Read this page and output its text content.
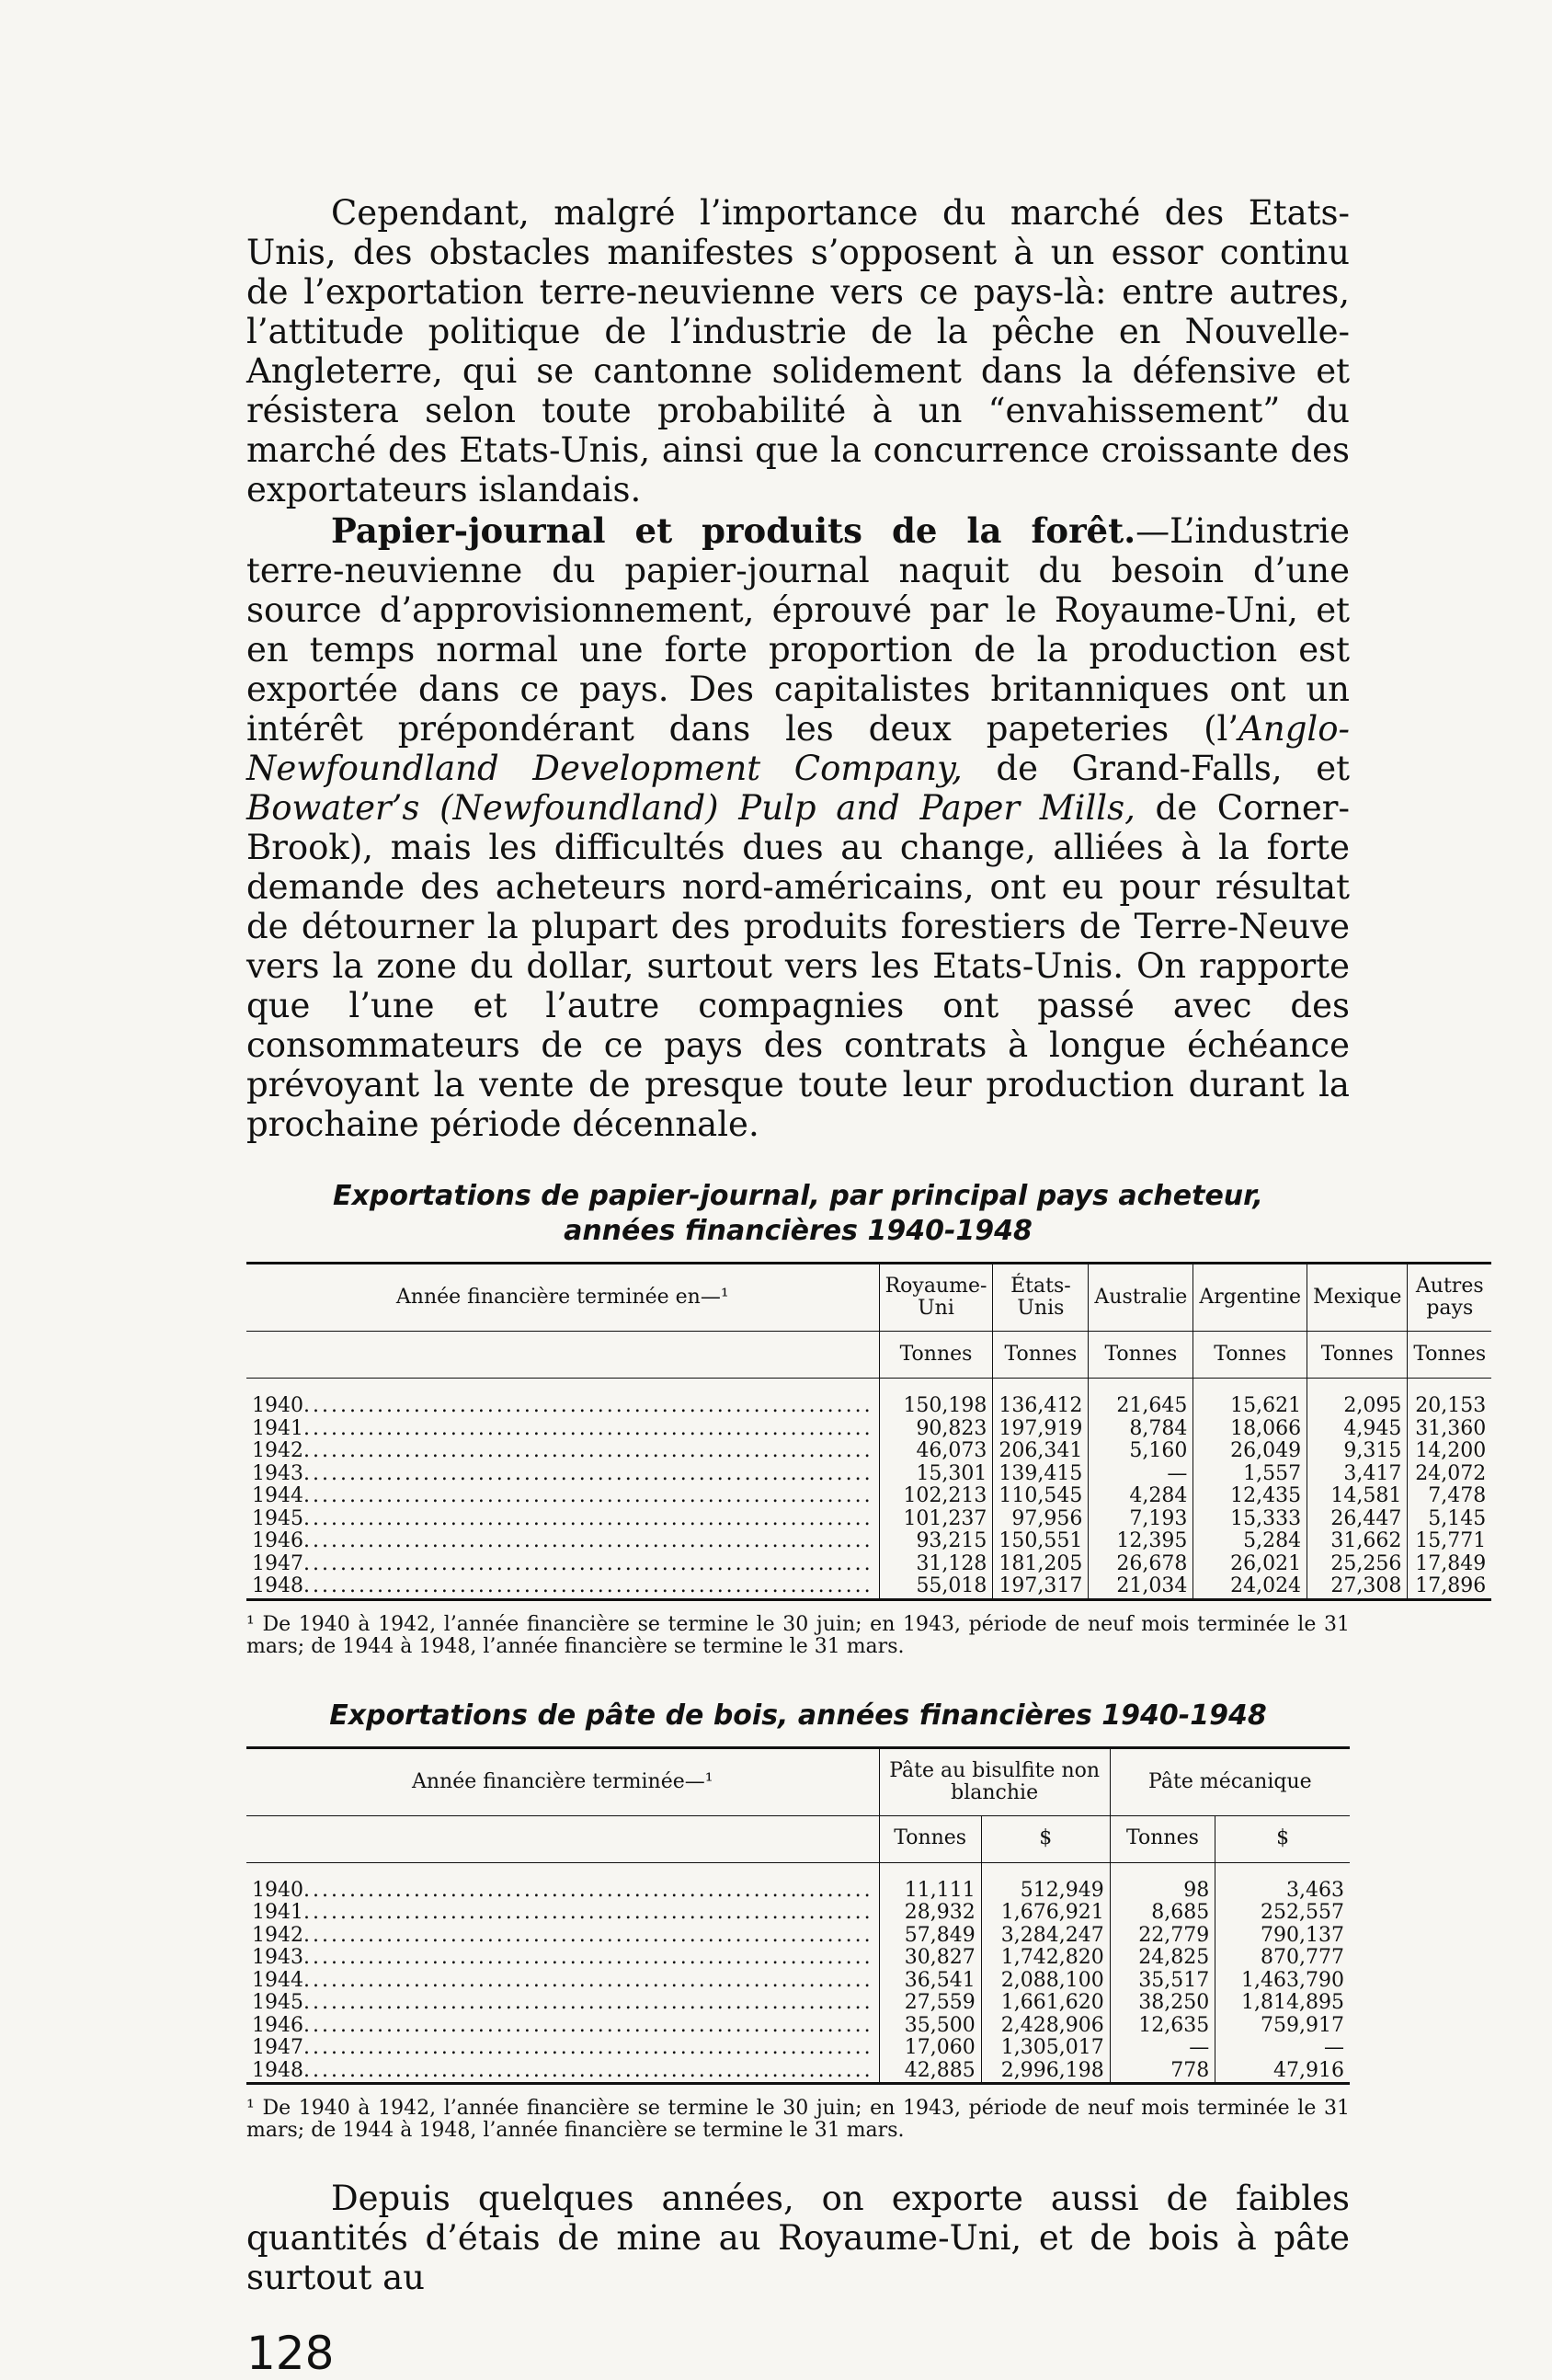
Cependant, malgré l’importance du marché des Etats-Unis, des obstacles manifestes s’opposent à un essor continu de l’exportation terre-neuvienne vers ce pays-là: entre autres, l’attitude politique de l’industrie de la pêche en Nouvelle-Angleterre, qui se cantonne solidement dans la défensive et résistera selon toute probabilité à un “envahissement” du marché des Etats-Unis, ainsi que la concurrence croissante des exportateurs islandais.

Papier-journal et produits de la forêt.—L’industrie terre-neuvienne du papier-journal naquit du besoin d’une source d’approvisionnement, éprouvé par le Royaume-Uni, et en temps normal une forte proportion de la production est exportée dans ce pays. Des capitalistes britanniques ont un intérêt prépondérant dans les deux papeteries (l’Anglo-Newfoundland Development Company, de Grand-Falls, et Bowater’s (Newfoundland) Pulp and Paper Mills, de Corner-Brook), mais les difficultés dues au change, alliées à la forte demande des acheteurs nord-américains, ont eu pour résultat de détourner la plupart des produits forestiers de Terre-Neuve vers la zone du dollar, surtout vers les Etats-Unis. On rapporte que l’une et l’autre compagnies ont passé avec des consommateurs de ce pays des contrats à longue échéance prévoyant la vente de presque toute leur production durant la prochaine période décennale.

Exportations de papier-journal, par principal pays acheteur,
années financières 1940-1948
Année financière terminée en—¹	Royaume-Uni	États-Unis	Australie	Argentine	Mexique	Autres pays
	Tonnes	Tonnes	Tonnes	Tonnes	Tonnes	Tonnes

1940..............................................................	150,198	136,412	21,645	15,621	2,095	20,153
1941..............................................................	90,823	197,919	8,784	18,066	4,945	31,360
1942..............................................................	46,073	206,341	5,160	26,049	9,315	14,200
1943..............................................................	15,301	139,415	—	1,557	3,417	24,072
1944..............................................................	102,213	110,545	4,284	12,435	14,581	7,478
1945..............................................................	101,237	97,956	7,193	15,333	26,447	5,145
1946..............................................................	93,215	150,551	12,395	5,284	31,662	15,771
1947..............................................................	31,128	181,205	26,678	26,021	25,256	17,849
1948..............................................................	55,018	197,317	21,034	24,024	27,308	17,896

¹ De 1940 à 1942, l’année financière se termine le 30 juin; en 1943, période de neuf mois terminée le 31 mars; de 1944 à 1948, l’année financière se termine le 31 mars.

Exportations de pâte de bois, années financières 1940-1948
Année financière terminée—¹	Pâte au bisulfite non blanchie		Pâte mécanique	
	Tonnes	$	Tonnes	$

1940..............................................................	11,111	512,949	98	3,463
1941..............................................................	28,932	1,676,921	8,685	252,557
1942..............................................................	57,849	3,284,247	22,779	790,137
1943..............................................................	30,827	1,742,820	24,825	870,777
1944..............................................................	36,541	2,088,100	35,517	1,463,790
1945..............................................................	27,559	1,661,620	38,250	1,814,895
1946..............................................................	35,500	2,428,906	12,635	759,917
1947..............................................................	17,060	1,305,017	—	—
1948..............................................................	42,885	2,996,198	778	47,916

¹ De 1940 à 1942, l’année financière se termine le 30 juin; en 1943, période de neuf mois terminée le 31 mars; de 1944 à 1948, l’année financière se termine le 31 mars.

Depuis quelques années, on exporte aussi de faibles quantités d’étais de mine au Royaume-Uni, et de bois à pâte surtout au

128
